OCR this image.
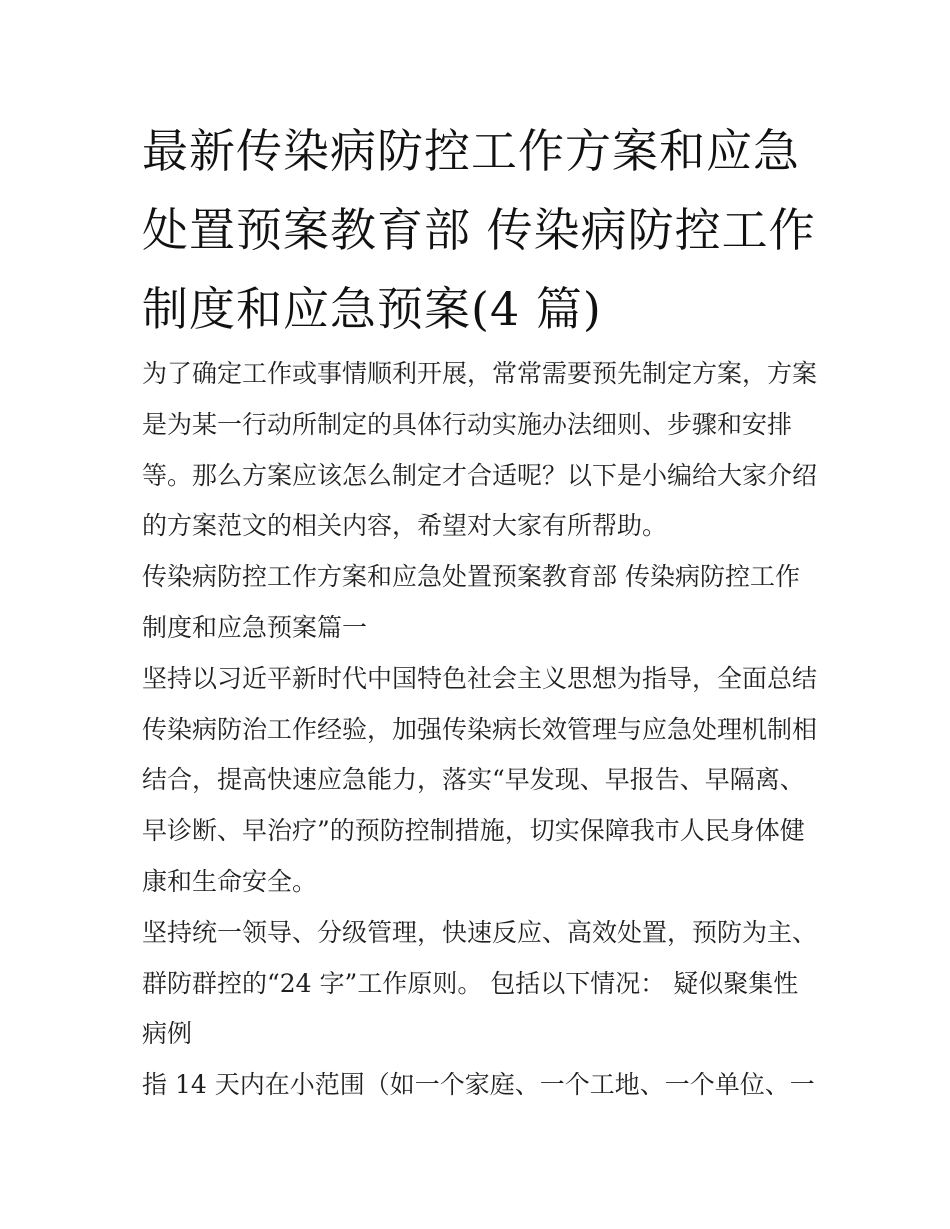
最新传染病防控工作方案和应急处置预案教育部 传染病防控工作制度和应急预案(4 篇)

为了确定工作或事情顺利开展，常常需要预先制定方案，方案是为某一行动所制定的具体行动实施办法细则、步骤和安排等。那么方案应该怎么制定才合适呢？以下是小编给大家介绍的方案范文的相关内容，希望对大家有所帮助。

传染病防控工作方案和应急处置预案教育部 传染病防控工作制度和应急预案篇一

坚持以习近平新时代中国特色社会主义思想为指导，全面总结传染病防治工作经验，加强传染病长效管理与应急处理机制相结合，提高快速应急能力，落实“早发现、早报告、早隔离、早诊断、早治疗”的预防控制措施，切实保障我市人民身体健康和生命安全。

坚持统一领导、分级管理，快速反应、高效处置，预防为主、群防群控的“24 字”工作原则。 包括以下情况： 疑似聚集性病例

指 14 天内在小范围（如一个家庭、一个工地、一个单位、一
